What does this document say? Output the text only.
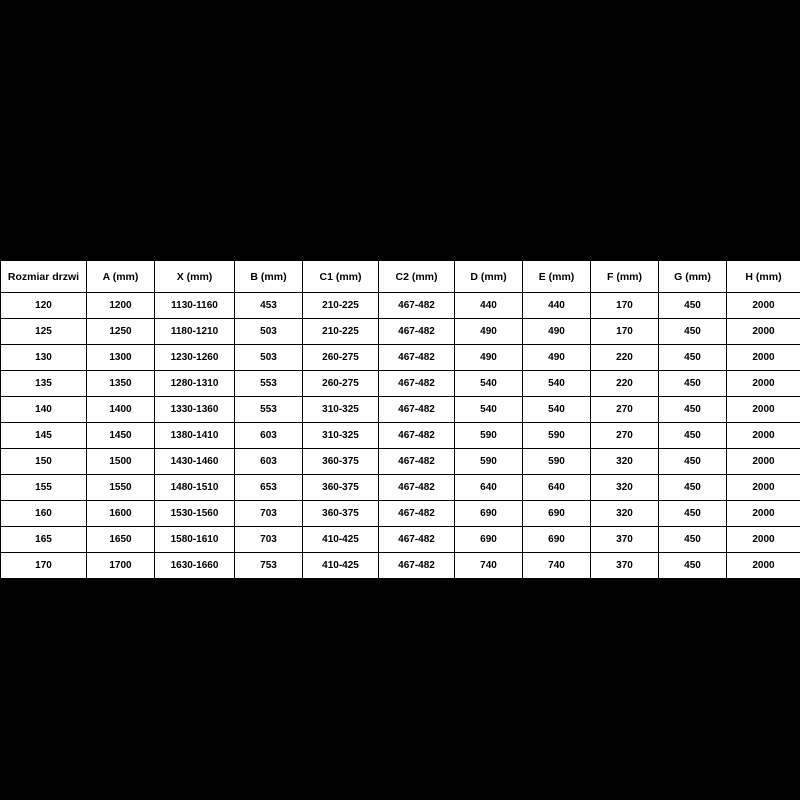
Rozmiar drzwi	A (mm)	X (mm)	B (mm)	C1 (mm)	C2 (mm)	D (mm)	E (mm)	F (mm)	G (mm)	H (mm)
120	1200	1130-1160	453	210-225	467-482	440	440	170	450	2000
125	1250	1180-1210	503	210-225	467-482	490	490	170	450	2000
130	1300	1230-1260	503	260-275	467-482	490	490	220	450	2000
135	1350	1280-1310	553	260-275	467-482	540	540	220	450	2000
140	1400	1330-1360	553	310-325	467-482	540	540	270	450	2000
145	1450	1380-1410	603	310-325	467-482	590	590	270	450	2000
150	1500	1430-1460	603	360-375	467-482	590	590	320	450	2000
155	1550	1480-1510	653	360-375	467-482	640	640	320	450	2000
160	1600	1530-1560	703	360-375	467-482	690	690	320	450	2000
165	1650	1580-1610	703	410-425	467-482	690	690	370	450	2000
170	1700	1630-1660	753	410-425	467-482	740	740	370	450	2000
